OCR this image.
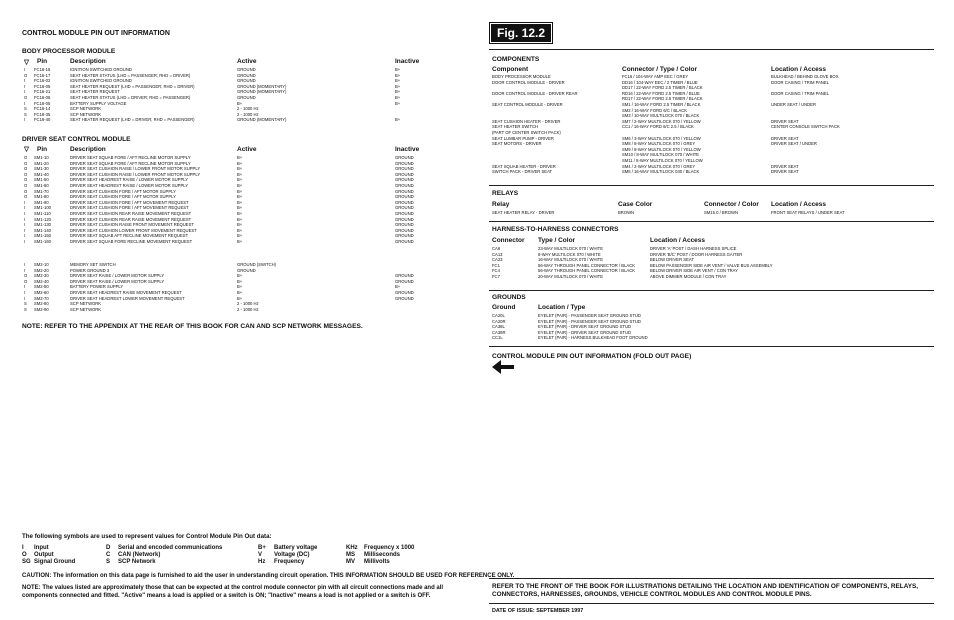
CONTROL MODULE PIN OUT INFORMATION
BODY PROCESSOR MODULE
▽ Pin	Description	Active	Inactive
I FC16-16	IGNITION SWITCHED GROUND	GROUND	B+
O FC16-17	SEAT HEATER STATUS (LHD = PASSENGER; RHD = DRIVER)	GROUND	B+
I FC16-02	IGNITION SWITCHED GROUND	GROUND	B+
I FC16-05	SEAT HEATER REQUEST (LHD = PASSENGER; RHD = DRIVER)	GROUND (MOMENTARY)	B+
I FC16-21	SEAT HEATER REQUEST	GROUND (MOMENTARY)	B+
O FC16-06	SEAT HEATER STATUS (LHD = DRIVER; RHD = PASSENGER)	GROUND	B+
I FC16-05	BATTERY SUPPLY VOLTAGE	B+	B+
S FC16-14	SCP NETWORK	2 - 1000 Hz
S FC16-35	SCP NETWORK	2 - 1000 Hz
I FC16-40	SEAT HEATER REQUEST (LHD = DRIVER; RHD = PASSENGER)	GROUND (MOMENTARY)	B+
DRIVER SEAT CONTROL MODULE
▽ Pin	Description	Active	Inactive
O SM1-10	DRIVER SEAT SQUAB FORE / AFT RECLINE MOTOR SUPPLY	B+	GROUND
O SM1-20	DRIVER SEAT SQUAB FORE / AFT RECLINE MOTOR SUPPLY	B+	GROUND
O SM1-30	DRIVER SEAT CUSHION RAISE / LOWER FRONT MOTOR SUPPLY	B+	GROUND
O SM1-40	DRIVER SEAT CUSHION RAISE / LOWER FRONT MOTOR SUPPLY	B+	GROUND
O SM1-50	DRIVER SEAT HEADREST RAISE / LOWER MOTOR SUPPLY	B+	GROUND
O SM1-60	DRIVER SEAT HEADREST RAISE / LOWER MOTOR SUPPLY	B+	GROUND
O SM1-70	DRIVER SEAT CUSHION FORE / AFT MOTOR SUPPLY	B+	GROUND
O SM1-80	DRIVER SEAT CUSHION FORE / AFT MOTOR SUPPLY	B+	GROUND
I SM1-90	DRIVER SEAT CUSHION FORE / AFT MOVEMENT REQUEST	B+	GROUND
I SM1-100	DRIVER SEAT CUSHION FORE / AFT MOVEMENT REQUEST	B+	GROUND
I SM1-110	DRIVER SEAT CUSHION REAR RAISE MOVEMENT REQUEST	B+	GROUND
I SM1-120	DRIVER SEAT CUSHION REAR RAISE MOVEMENT REQUEST	B+	GROUND
I SM1-130	DRIVER SEAT CUSHION RAISE FRONT MOVEMENT REQUEST	B+	GROUND
I SM1-140	DRIVER SEAT CUSHION LOWER FRONT MOVEMENT REQUEST	B+	GROUND
I SM1-150	DRIVER SEAT SQUAB AFT RECLINE MOVEMENT REQUEST	B+	GROUND
I SM1-160	DRIVER SEAT SQUAB FORE RECLINE MOVEMENT REQUEST	B+	GROUND
I SM2-10	MEMORY SET SWITCH	GROUND (SWITCH)
I SM2-20	POWER GROUND 3	GROUND
O SM2-30	DRIVER SEAT RAISE / LOWER MOTOR SUPPLY	B+	GROUND
O SM2-40	DRIVER SEAT RAISE / LOWER MOTOR SUPPLY	B+	GROUND
I SM2-50	BATTERY POWER SUPPLY	B+	B+
I SM2-60	DRIVER SEAT HEADREST RAISE MOVEMENT REQUEST	B+	GROUND
I SM2-70	DRIVER SEAT HEADREST LOWER MOVEMENT REQUEST	B+	GROUND
S SM2-80	SCP NETWORK	2 - 1000 Hz
S SM2-90	SCP NETWORK	2 - 1000 Hz
NOTE: REFER TO THE APPENDIX AT THE REAR OF THIS BOOK FOR CAN AND SCP NETWORK MESSAGES.
The following symbols are used to represent values for Control Module Pin Out data:
I Input	D Serial and encoded communications	B+ Battery voltage	KHz Frequency x 1000
O Output	C CAN (Network)	V Voltage (DC)	MS Milliseconds
SG Signal Ground	S SCP Network	Hz Frequency	MV Millivolts
CAUTION: The information on this data page is furnished to aid the user in understanding circuit operation. THIS INFORMATION SHOULD BE USED FOR REFERENCE ONLY.
NOTE: The values listed are approximately those that can be expected at the control module connector pin with all circuit connections made and all
components connected and fitted. "Active" means a load is applied or a switch is ON; "Inactive" means a load is not applied or a switch is OFF.
Fig. 12.2
COMPONENTS
Component	Connector / Type / Color	Location / Access
BODY PROCESSOR MODULE	FC16 / 104-WAY AMP EEC / GREY	BULKHEAD / BEHIND GLOVE BOX
DOOR CONTROL MODULE - DRIVER	DD16 / 104-WAY EEC / 2 TIMER / BLUE	DOOR CASING / TRIM PANEL
DD17 / 22-WAY FORD 2.5 TIMER / BLACK
DOOR CONTROL MODULE - DRIVER REAR	RD16 / 22-WAY FORD 2.5 TIMER / BLUE	DOOR CASING / TRIM PANEL
RD17 / 22-WAY FORD 2.5 TIMER / BLACK
SEAT CONTROL MODULE - DRIVER	SM1 / 16-WAY FORD 2.5 TIMER / BLACK	UNDER SEAT / UNDER
SM2 / 16-WAY FORD 6/C / BLACK
SM3 / 10-WAY MULTILOCK 070 / BLACK
SEAT CUSHION HEATER - DRIVER	SM7 / 2-WAY MULTILOCK 070 / YELLOW	DRIVER SEAT
SEAT HEATER SWITCH	CC1 / 16-WAY FORD 6/C 2.5 / BLACK	CENTER CONSOLE SWITCH PACK
(PART OF CENTER SWITCH PACK)
SEAT LUMBAR PUMP - DRIVER	SM6 / 3-WAY MULTILOCK 070 / YELLOW	DRIVER SEAT
SEAT MOTORS - DRIVER	SM8 / 8-WAY MULTILOCK 070 / GREY	DRIVER SEAT / UNDER
SM9 / 8-WAY MULTILOCK 070 / YELLOW
SM10 / 8-WAY MULTILOCK 070 / WHITE
SM11 / 8-WAY MULTILOCK 070 / YELLOW
SEAT SQUAB HEATER - DRIVER	SM4 / 2-WAY MULTILOCK 070 / GREY	DRIVER SEAT
SWITCH PACK - DRIVER SEAT	SM5 / 16-WAY MULTILOCK 040 / BLACK	DRIVER SEAT
RELAYS
Relay	Case Color	Connector / Color Location / Access
SEAT HEATER RELAY - DRIVER	BROWN	SM15.0 / BROWN	FRONT SEAT RELAYS / UNDER SEAT
HARNESS-TO-HARNESS CONNECTORS
Connector Type / Color	Location / Access
CA6	23-WAY MULTILOCK 070 / WHITE	DRIVER 'A' POST / DASH HARNESS SPLICE
CA13	8-WAY MULTILOCK 070 / WHITE	DRIVER 'B/C' POST / DOOR HARNESS GAITER
CA23	16-WAY MULTILOCK 070 / WHITE	BELOW DRIVER SEAT
FC1	56-WAY THROUGH PANEL CONNECTOR / BLACK	BELOW PASSENGER SIDE AIR VENT / VALVE BUS ASSEMBLY
FC4	56-WAY THROUGH PANEL CONNECTOR / BLACK	BELOW DRIVER SIDE AIR VENT / CON TRAY
FC7	20-WAY MULTILOCK 070 / WHITE	ABOVE DIMMER MODULE / CON TRAY
GROUNDS
Ground	Location / Type
CA20L	EYELET (PAIR) - PASSENGER SEAT GROUND STUD
CA20R	EYELET (PAIR) - PASSENGER SEAT GROUND STUD
CA38L	EYELET (PAIR) - DRIVER SEAT GROUND STUD
CA38R	EYELET (PAIR) - DRIVER SEAT GROUND STUD
CC1L	EYELET (PAIR) - HARNESS BULKHEAD FOOT GROUND
CONTROL MODULE PIN OUT INFORMATION (FOLD OUT PAGE)
REFER TO THE FRONT OF THE BOOK FOR ILLUSTRATIONS DETAILING THE LOCATION AND IDENTIFICATION OF COMPONENTS, RELAYS,
CONNECTORS, HARNESSES, GROUNDS, VEHICLE CONTROL MODULES AND CONTROL MODULE PINS.
DATE OF ISSUE: SEPTEMBER 1997
